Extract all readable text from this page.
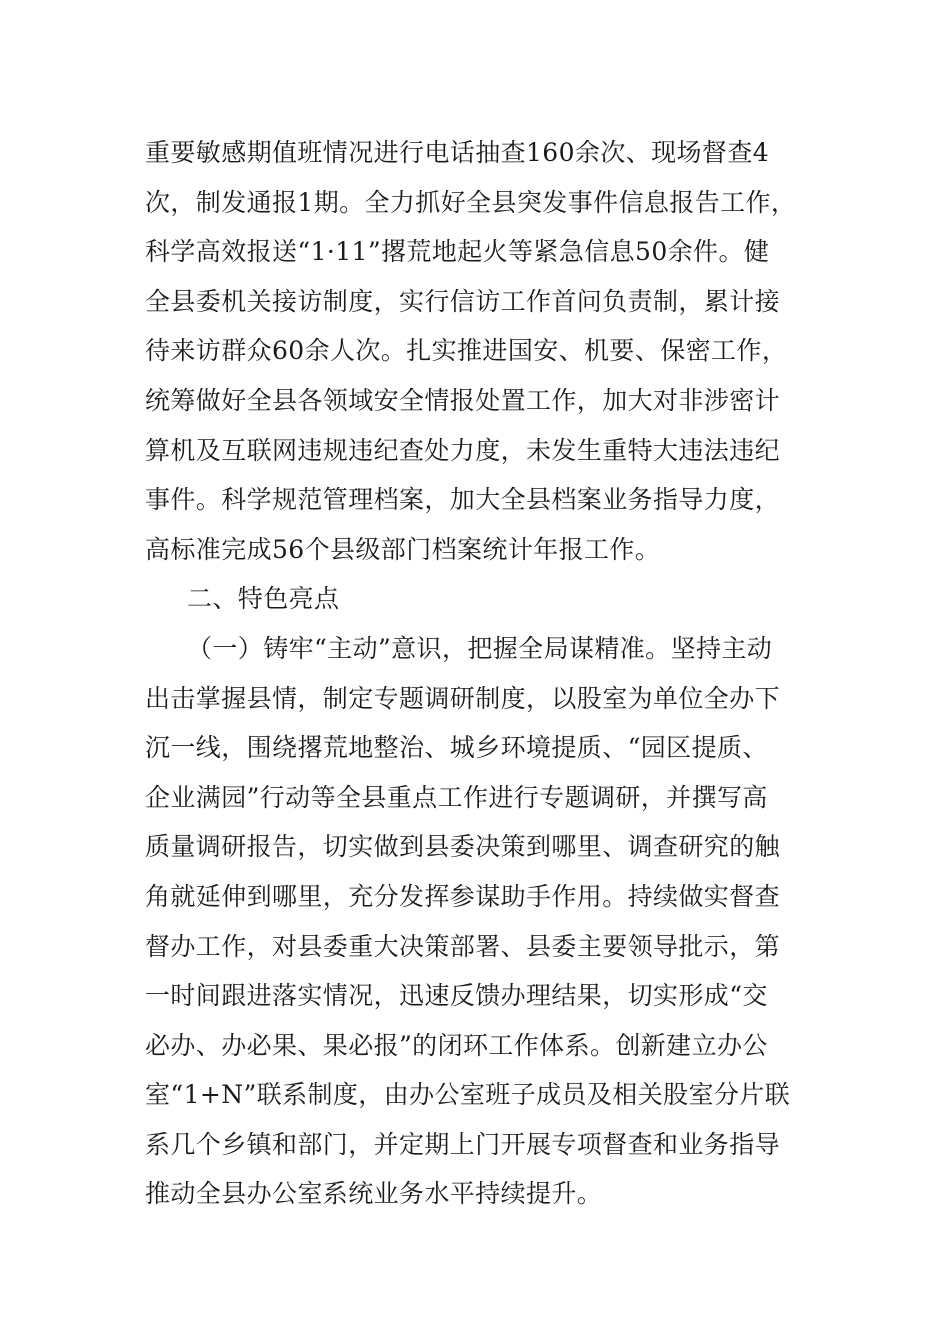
重要敏感期值班情况进行电话抽查160余次、现场督查4
次，制发通报1期。全力抓好全县突发事件信息报告工作，
科学高效报送“1·11”撂荒地起火等紧急信息50余件。健
全县委机关接访制度，实行信访工作首问负责制，累计接
待来访群众60余人次。扎实推进国安、机要、保密工作，
统筹做好全县各领域安全情报处置工作，加大对非涉密计
算机及互联网违规违纪查处力度，未发生重特大违法违纪
事件。科学规范管理档案，加大全县档案业务指导力度，
高标准完成56个县级部门档案统计年报工作。
二、特色亮点
（一）铸牢“主动”意识，把握全局谋精准。坚持主动
出击掌握县情，制定专题调研制度，以股室为单位全办下
沉一线，围绕撂荒地整治、城乡环境提质、“园区提质、
企业满园”行动等全县重点工作进行专题调研，并撰写高
质量调研报告，切实做到县委决策到哪里、调查研究的触
角就延伸到哪里，充分发挥参谋助手作用。持续做实督查
督办工作，对县委重大决策部署、县委主要领导批示，第
一时间跟进落实情况，迅速反馈办理结果，切实形成“交
必办、办必果、果必报”的闭环工作体系。创新建立办公
室“1+N”联系制度，由办公室班子成员及相关股室分片联
系几个乡镇和部门，并定期上门开展专项督查和业务指导
推动全县办公室系统业务水平持续提升。
